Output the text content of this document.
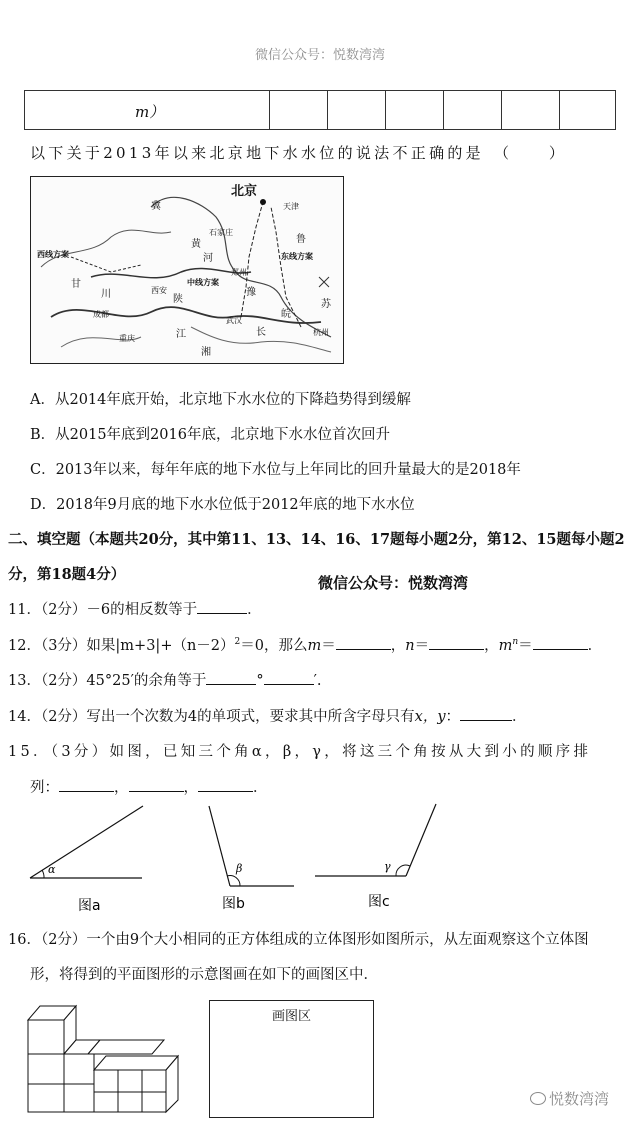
微信公众号：悦数湾湾
m）
以下关于2013年以来北京地下水水位的说法不正确的是 （　　）
北京
天津
石家庄
西线方案
中线方案
东线方案
西安
郑州
武汉
杭州
重庆
成都
冀
甘
豫
鲁
苏
川
江
黄
河
长
皖
陕
湘
A．从2014年底开始，北京地下水水位的下降趋势得到缓解
B．从2015年底到2016年底，北京地下水水位首次回升
C．2013年以来，每年年底的地下水位与上年同比的回升量最大的是2018年
D．2018年9月底的地下水水位低于2012年底的地下水水位
二、填空题（本题共20分，其中第11、13、14、16、17题每小题2分，第12、15题每小题2
分，第18题4分）	微信公众号：悦数湾湾
11．（2分）－6的相反数等于	．
12．（3分）如果$|m+3|+(n-2)^2=0$，那么m＝	，n＝	，$m^n=$	．
13．（2分）45°25′的余角等于	°	′.
14．（2分）写出一个次数为4的单项式，要求其中所含字母只有x，y：	．
15．（3分）如图，已知三个角α，β，γ，将这三个角按从大到小的顺序排
列：	，	，	．
α
图a
β
图b
γ
图c
16．（2分）一个由9个大小相同的正方体组成的立体图形如图所示，从左面观察这个立体图
形，将得到的平面图形的示意图画在如下的画图区中．
画图区
悦数湾湾
